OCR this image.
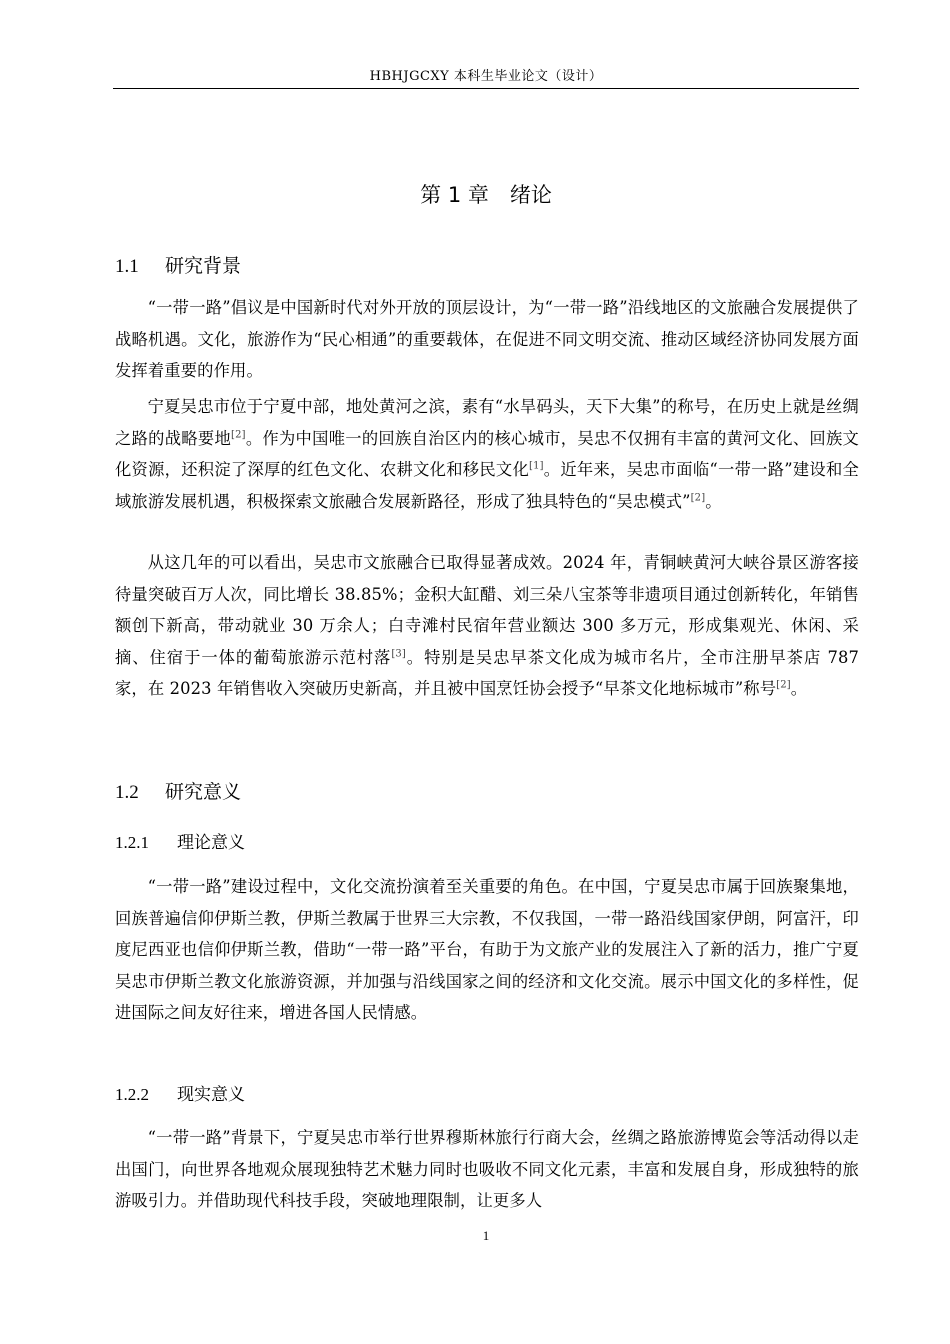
HBHJGCXY 本科生毕业论文（设计）
第 1 章　绪论
1.1 研究背景

“一带一路”倡议是中国新时代对外开放的顶层设计，为“一带一路”沿线地区的文旅融合发展提供了战略机遇。文化，旅游作为“民心相通”的重要载体，在促进不同文明交流、推动区域经济协同发展方面发挥着重要的作用。

宁夏吴忠市位于宁夏中部，地处黄河之滨，素有“水旱码头，天下大集”的称号，在历史上就是丝绸之路的战略要地[2]。作为中国唯一的回族自治区内的核心城市，吴忠不仅拥有丰富的黄河文化、回族文化资源，还积淀了深厚的红色文化、农耕文化和移民文化[1]。近年来，吴忠市面临“一带一路”建设和全域旅游发展机遇，积极探索文旅融合发展新路径，形成了独具特色的“吴忠模式”[2]。

从这几年的可以看出，吴忠市文旅融合已取得显著成效。2024 年，青铜峡黄河大峡谷景区游客接待量突破百万人次，同比增长 38.85%；金积大缸醋、刘三朵八宝茶等非遗项目通过创新转化，年销售额创下新高，带动就业 30 万余人；白寺滩村民宿年营业额达 300 多万元，形成集观光、休闲、采摘、住宿于一体的葡萄旅游示范村落[3]。特别是吴忠早茶文化成为城市名片，全市注册早茶店 787 家，在 2023 年销售收入突破历史新高，并且被中国烹饪协会授予“早茶文化地标城市”称号[2]。

1.2 研究意义
1.2.1 理论意义

“一带一路”建设过程中，文化交流扮演着至关重要的角色。在中国，宁夏吴忠市属于回族聚集地，回族普遍信仰伊斯兰教，伊斯兰教属于世界三大宗教，不仅我国，一带一路沿线国家伊朗，阿富汗，印度尼西亚也信仰伊斯兰教，借助“一带一路”平台，有助于为文旅产业的发展注入了新的活力，推广宁夏吴忠市伊斯兰教文化旅游资源，并加强与沿线国家之间的经济和文化交流。展示中国文化的多样性，促进国际之间友好往来，增进各国人民情感。

1.2.2 现实意义

“一带一路”背景下，宁夏吴忠市举行世界穆斯林旅行行商大会，丝绸之路旅游博览会等活动得以走出国门，向世界各地观众展现独特艺术魅力同时也吸收不同文化元素，丰富和发展自身，形成独特的旅游吸引力。并借助现代科技手段，突破地理限制，让更多人

1
